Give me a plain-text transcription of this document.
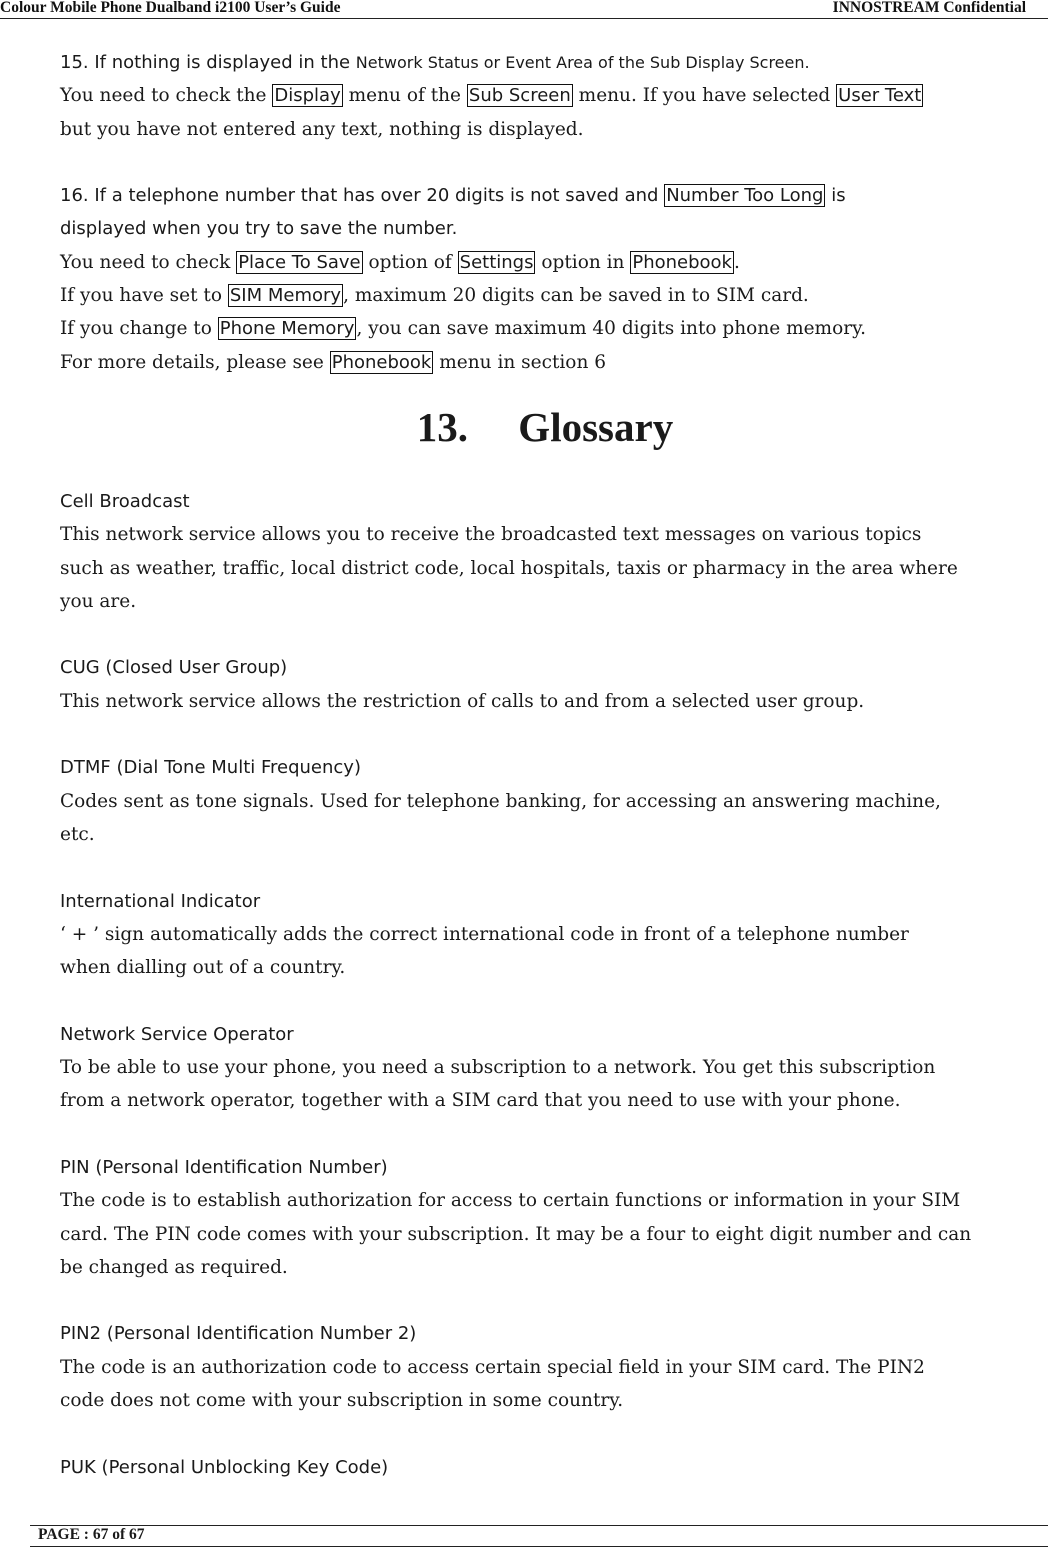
Colour Mobile Phone Dualband i2100 User’s Guide	INNOSTREAM Confidential
15. If nothing is displayed in the Network Status or Event Area of the Sub Display Screen.
You need to check the Display menu of the Sub Screen menu. If you have selected User Text
but you have not entered any text, nothing is displayed.
16. If a telephone number that has over 20 digits is not saved and Number Too Long is
displayed when you try to save the number.
You need to check Place To Save option of Settings option in Phonebook .
If you have set to SIM Memory , maximum 20 digits can be saved in to SIM card.
If you change to Phone Memory , you can save maximum 40 digits into phone memory.
For more details, please see Phonebook menu in section 6
13. Glossary
Cell Broadcast
This network service allows you to receive the broadcasted text messages on various topics
such as weather, traffic, local district code, local hospitals, taxis or pharmacy in the area where
you are.
CUG (Closed User Group)
This network service allows the restriction of calls to and from a selected user group.
DTMF (Dial Tone Multi Frequency)
Codes sent as tone signals. Used for telephone banking, for accessing an answering machine,
etc.
International Indicator
‘ + ’ sign automatically adds the correct international code in front of a telephone number
when dialling out of a country.
Network Service Operator
To be able to use your phone, you need a subscription to a network. You get this subscription
from a network operator, together with a SIM card that you need to use with your phone.
PIN (Personal Identification Number)
The code is to establish authorization for access to certain functions or information in your SIM
card. The PIN code comes with your subscription. It may be a four to eight digit number and can
be changed as required.
PIN2 (Personal Identification Number 2)
The code is an authorization code to access certain special field in your SIM card. The PIN2
code does not come with your subscription in some country.
PUK (Personal Unblocking Key Code)
PAGE : 67 of 67
